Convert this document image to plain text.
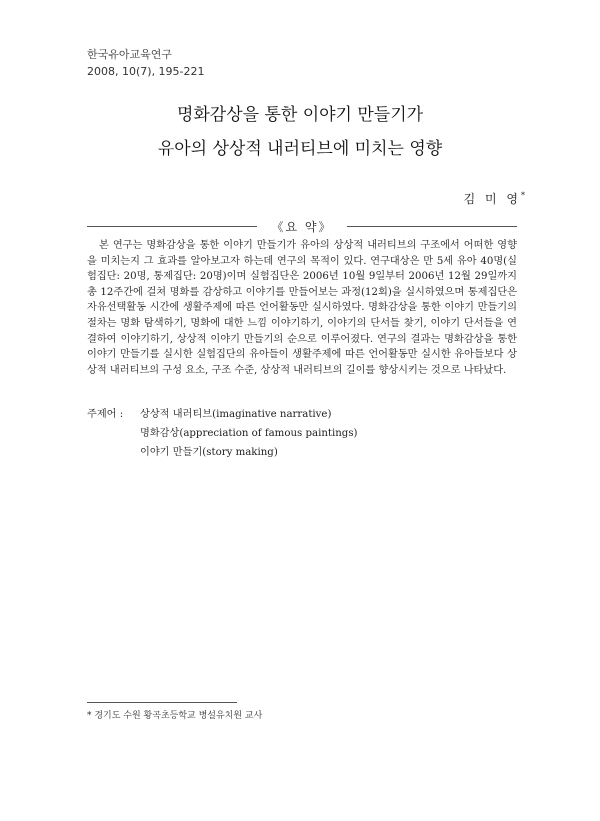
한국유아교육연구
2008, 10(7), 195-221
명화감상을 통한 이야기 만들기가
유아의 상상적 내러티브에 미치는 영향
김 미 영*
《요 약》

본 연구는 명화감상을 통한 이야기 만들기가 유아의 상상적 내러티브의 구조에서 어떠한 영향을 미치는지 그 효과를 알아보고자 하는데 연구의 목적이 있다. 연구대상은 만 5세 유아 40명(실험집단: 20명, 통제집단: 20명)이며 실험집단은 2006년 10월 9일부터 2006년 12월 29일까지 총 12주간에 걸쳐 명화를 감상하고 이야기를 만들어보는 과정(12회)을 실시하였으며 통제집단은 자유선택활동 시간에 생활주제에 따른 언어활동만 실시하였다. 명화감상을 통한 이야기 만들기의 절차는 명화 탐색하기, 명화에 대한 느낌 이야기하기, 이야기의 단서들 찾기, 이야기 단서들을 연결하여 이야기하기, 상상적 이야기 만들기의 순으로 이루어졌다. 연구의 결과는 명화감상을 통한 이야기 만들기를 실시한 실험집단의 유아들이 생활주제에 따른 언어활동만 실시한 유아들보다 상상적 내러티브의 구성 요소, 구조 수준, 상상적 내러티브의 길이를 향상시키는 것으로 나타났다.

주제어 : 상상적 내러티브(imaginative narrative)
명화감상(appreciation of famous paintings)
이야기 만들기(story making)
* 경기도 수원 황곡초등학교 병설유치원 교사
